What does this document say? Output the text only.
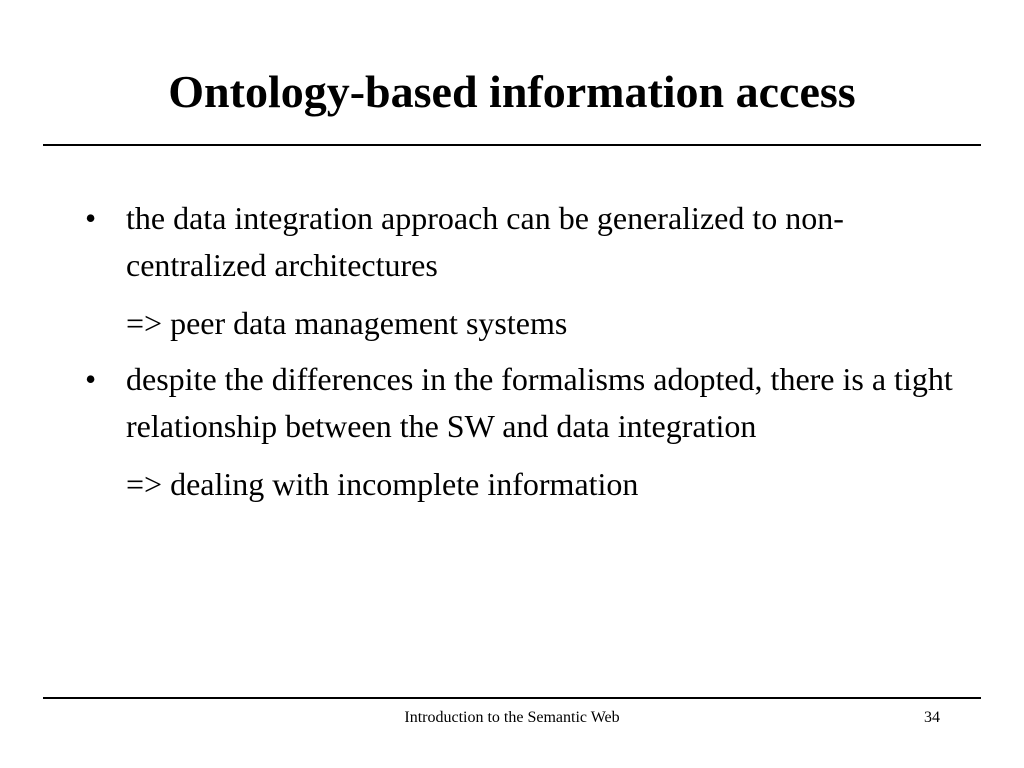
Ontology-based information access
• the data integration approach can be generalized to non-centralized architectures
=> peer data management systems
• despite the differences in the formalisms adopted, there is a tight relationship between the SW and data integration
=> dealing with incomplete information
Introduction to the Semantic Web	34
